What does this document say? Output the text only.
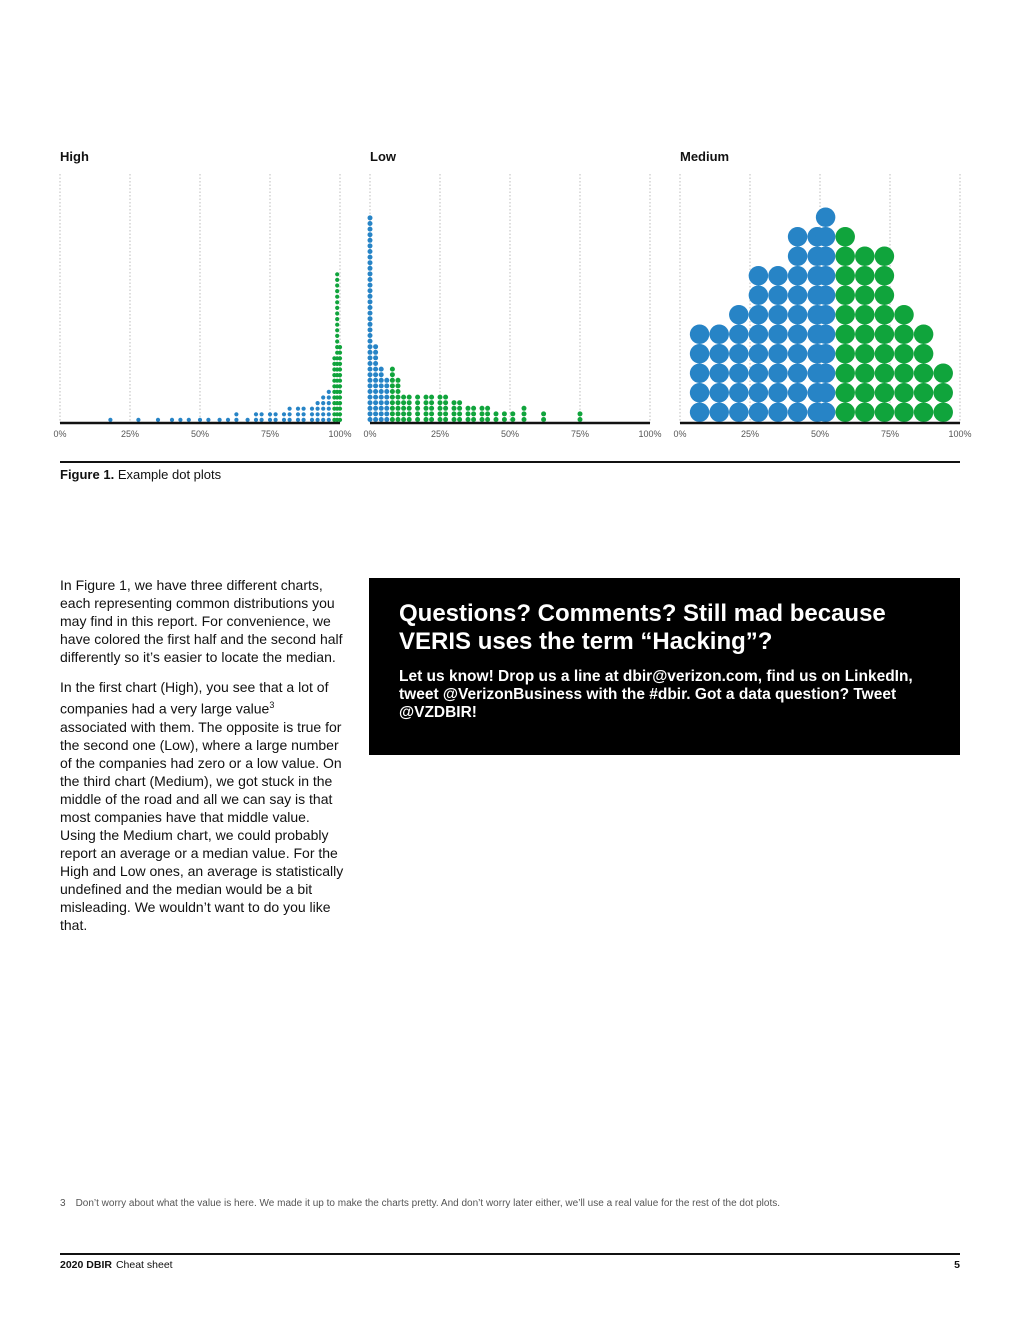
High	Low	Medium
0%	25%	50%	75%	100% 0%	25%	50%	75%	100% 0%	25%	50%	75%	100%
Figure 1. Example dot plots

In Figure 1, we have three different charts, each representing common distributions you may find in this report. For convenience, we have colored the first half and the second half differently so it’s easier to locate the median.

In the first chart (High), you see that a lot of companies had a very large value$^3$ associated with them. The opposite is true for the second one (Low), where a large number of the companies had zero or a low value. On the third chart (Medium), we got stuck in the middle of the road and all we can say is that most companies have that middle value. Using the Medium chart, we could probably report an average or a median value. For the High and Low ones, an average is statistically undefined and the median would be a bit misleading. We wouldn’t want to do you like that.

Questions? Comments? Still mad because VERIS uses the term “Hacking”?

Let us know! Drop us a line at dbir@verizon.com, find us on LinkedIn, tweet @VerizonBusiness with the #dbir. Got a data question? Tweet @VZDBIR!

3 Don’t worry about what the value is here. We made it up to make the charts pretty. And don’t worry later either, we’ll use a real value for the rest of the dot plots.
2020 DBIR Cheat sheet	5
